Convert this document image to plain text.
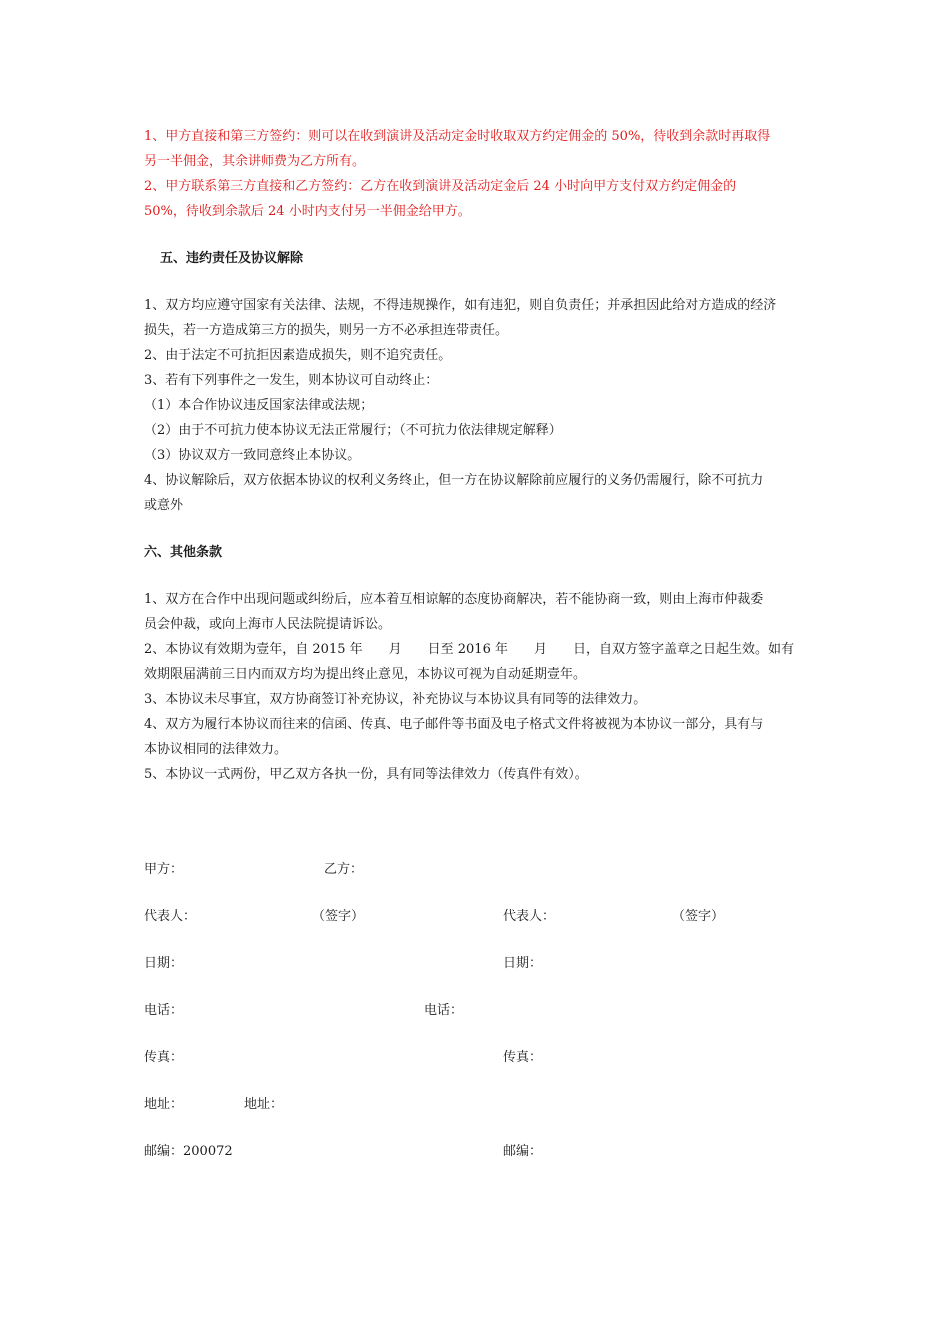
1、甲方直接和第三方签约：则可以在收到演讲及活动定金时收取双方约定佣金的 50%，待收到余款时再取得

另一半佣金，其余讲师费为乙方所有。

2、甲方联系第三方直接和乙方签约：乙方在收到演讲及活动定金后 24 小时向甲方支付双方约定佣金的

50%，待收到余款后 24 小时内支付另一半佣金给甲方。

五、违约责任及协议解除

1、双方均应遵守国家有关法律、法规，不得违规操作，如有违犯，则自负责任；并承担因此给对方造成的经济

损失，若一方造成第三方的损失，则另一方不必承担连带责任。

2、由于法定不可抗拒因素造成损失，则不追究责任。

3、若有下列事件之一发生，则本协议可自动终止：

（1）本合作协议违反国家法律或法规；

（2）由于不可抗力使本协议无法正常履行；（不可抗力依法律规定解释）

（3）协议双方一致同意终止本协议。

4、协议解除后，双方依据本协议的权利义务终止，但一方在协议解除前应履行的义务仍需履行，除不可抗力

或意外

六、其他条款

1、双方在合作中出现问题或纠纷后，应本着互相谅解的态度协商解决，若不能协商一致，则由上海市仲裁委

员会仲裁，或向上海市人民法院提请诉讼。

2、本协议有效期为壹年，自 2015 年　　月　　日至 2016 年　　月　　日，自双方签字盖章之日起生效。如有

效期限届满前三日内而双方均为提出终止意见，本协议可视为自动延期壹年。

3、本协议未尽事宜，双方协商签订补充协议，补充协议与本协议具有同等的法律效力。

4、双方为履行本协议而往来的信函、传真、电子邮件等书面及电子格式文件将被视为本协议一部分，具有与

本协议相同的法律效力。

5、本协议一式两份，甲乙双方各执一份，具有同等法律效力（传真件有效）。

甲方：	乙方：
代表人：	（签字）	代表人：	（签字）
日期：	日期：
电话：	电话：
传真：	传真：
地址：	地址：
邮编：200072	邮编：
